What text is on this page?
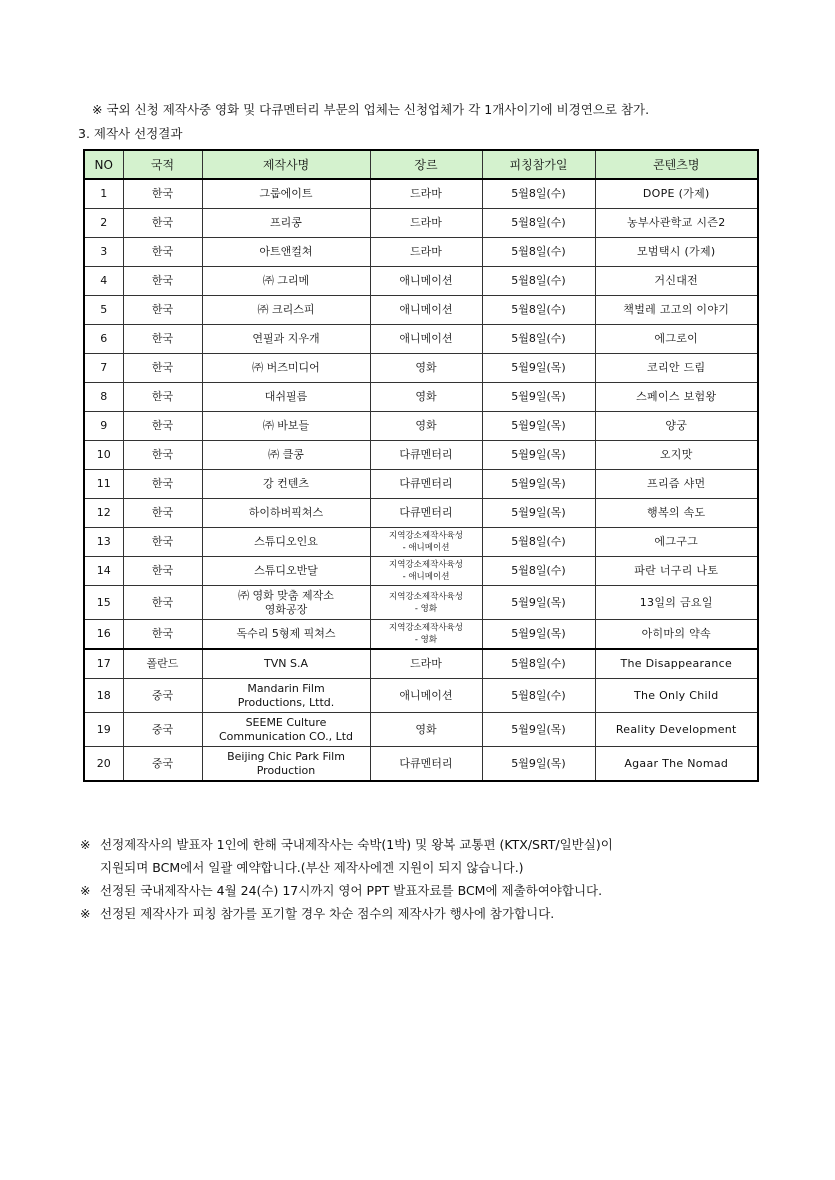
※ 국외 신청 제작사중 영화 및 다큐멘터리 부문의 업체는 신청업체가 각 1개사이기에 비경연으로 참가.
3. 제작사 선정결과
NO	국적	제작사명	장르	피칭참가일	콘텐츠명
1	한국	그룹에이트	드라마	5월8일(수)	DOPE (가제)
2	한국	프리콩	드라마	5월8일(수)	농부사관학교 시즌2
3	한국	아트앤컬쳐	드라마	5월8일(수)	모범택시 (가제)
4	한국	㈜ 그리메	애니메이션	5월8일(수)	거신대전
5	한국	㈜ 크리스피	애니메이션	5월8일(수)	책벌레 고고의 이야기
6	한국	연필과 지우개	애니메이션	5월8일(수)	에그로이
7	한국	㈜ 버즈미디어	영화	5월9일(목)	코리안 드림
8	한국	대쉬필름	영화	5월9일(목)	스페이스 보험왕
9	한국	㈜ 바보들	영화	5월9일(목)	양궁
10	한국	㈜ 클콩	다큐멘터리	5월9일(목)	오지맛
11	한국	강 컨텐츠	다큐멘터리	5월9일(목)	프리즘 샤먼
12	한국	하이하버픽쳐스	다큐멘터리	5월9일(목)	행복의 속도
13	한국	스튜디오인요	지역강소제작사육성
- 애니메이션	5월8일(수)	에그구그
14	한국	스튜디오반달	지역강소제작사육성
- 애니메이션	5월8일(수)	파란 너구리 나토
15	한국	㈜ 영화 맞춤 제작소
영화공장	지역강소제작사육성
- 영화	5월9일(목)	13일의 금요일
16	한국	독수리 5형제 픽쳐스	지역강소제작사육성
- 영화	5월9일(목)	아히마의 약속
17	폴란드	TVN S.A	드라마	5월8일(수)	The Disappearance
18	중국	Mandarin Film
Productions, Lttd.	애니메이션	5월8일(수)	The Only Child
19	중국	SEEME Culture
Communication CO., Ltd	영화	5월9일(목)	Reality Development
20	중국	Beijing Chic Park Film
Production	다큐멘터리	5월9일(목)	Agaar The Nomad
※ 선정제작사의 발표자 1인에 한해 국내제작사는 숙박(1박) 및 왕복 교통편 (KTX/SRT/일반실)이
지원되며 BCM에서 일괄 예약합니다.(부산 제작사에겐 지원이 되지 않습니다.)
※ 선정된 국내제작사는 4월 24(수) 17시까지 영어 PPT 발표자료를 BCM에 제출하여야합니다.
※ 선정된 제작사가 피칭 참가를 포기할 경우 차순 점수의 제작사가 행사에 참가합니다.
